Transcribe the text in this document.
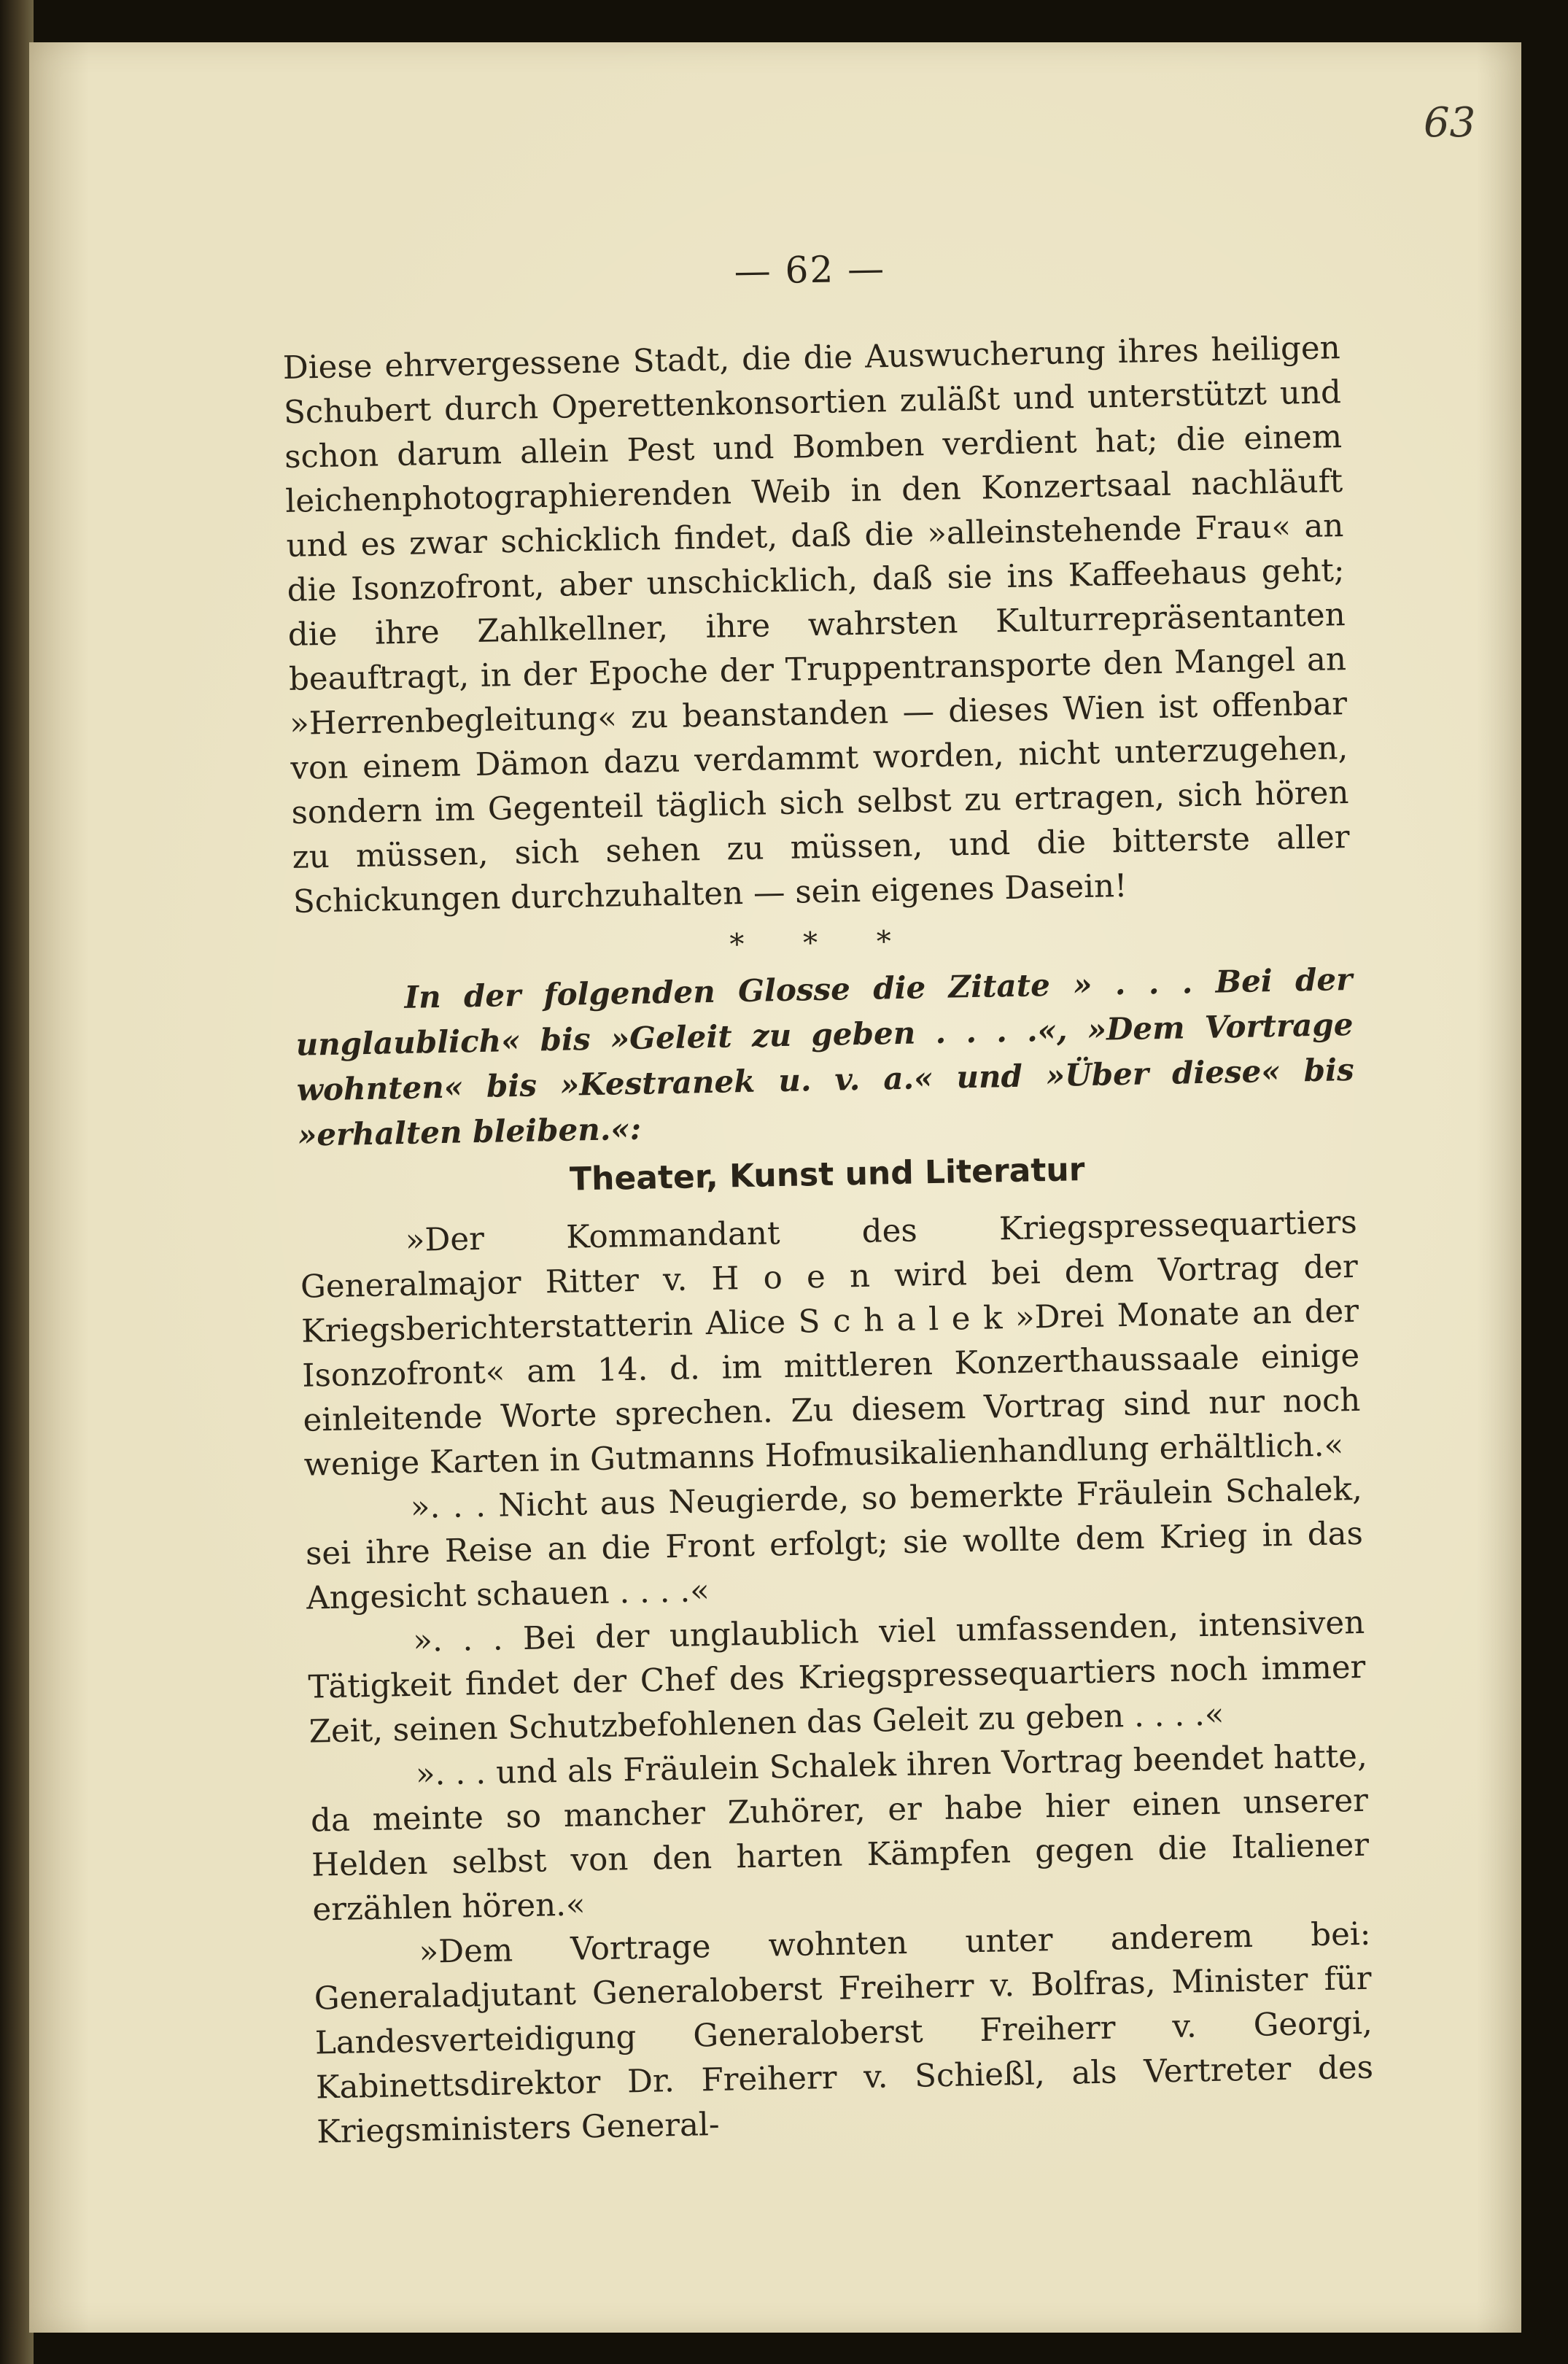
63
— 62 —

Diese ehrvergessene Stadt, die die Auswucherung ihres heiligen Schubert durch Operettenkonsortien zuläßt und unterstützt und schon darum allein Pest und Bomben verdient hat; die einem leichenphotographierenden Weib in den Konzertsaal nachläuft und es zwar schicklich findet, daß die »alleinstehende Frau« an die Isonzofront, aber unschicklich, daß sie ins Kaffeehaus geht; die ihre Zahlkellner, ihre wahrsten Kulturrepräsentanten beauftragt, in der Epoche der Truppentransporte den Mangel an »Herrenbegleitung« zu beanstanden — dieses Wien ist offenbar von einem Dämon dazu verdammt worden, nicht unterzugehen, sondern im Gegenteil täglich sich selbst zu ertragen, sich hören zu müssen, sich sehen zu müssen, und die bitterste aller Schickungen durchzuhalten — sein eigenes Dasein!

* * *

In der folgenden Glosse die Zitate » . . . Bei der unglaublich« bis »Geleit zu geben . . . .«, »Dem Vortrage wohnten« bis »Kestranek u. v. a.« und »Über diese« bis »erhalten bleiben.«:

Theater, Kunst und Literatur

»Der Kommandant des Kriegspressequartiers Generalmajor Ritter v. H o e n wird bei dem Vortrag der Kriegsberichterstatterin Alice S c h a l e k »Drei Monate an der Isonzofront« am 14. d. im mittleren Konzerthaussaale einige einleitende Worte sprechen. Zu diesem Vortrag sind nur noch wenige Karten in Gutmanns Hofmusikalienhandlung erhältlich.«

». . . Nicht aus Neugierde, so bemerkte Fräulein Schalek, sei ihre Reise an die Front erfolgt; sie wollte dem Krieg in das Angesicht schauen . . . .«

». . . Bei der unglaublich viel umfassenden, intensiven Tätigkeit findet der Chef des Kriegspressequartiers noch immer Zeit, seinen Schutzbefohlenen das Geleit zu geben . . . .«

». . . und als Fräulein Schalek ihren Vortrag beendet hatte, da meinte so mancher Zuhörer, er habe hier einen unserer Helden selbst von den harten Kämpfen gegen die Italiener erzählen hören.«

»Dem Vortrage wohnten unter anderem bei: Generaladjutant Generaloberst Freiherr v. Bolfras, Minister für Landesverteidigung Generaloberst Freiherr v. Georgi, Kabinettsdirektor Dr. Freiherr v. Schießl, als Vertreter des Kriegsministers General-
